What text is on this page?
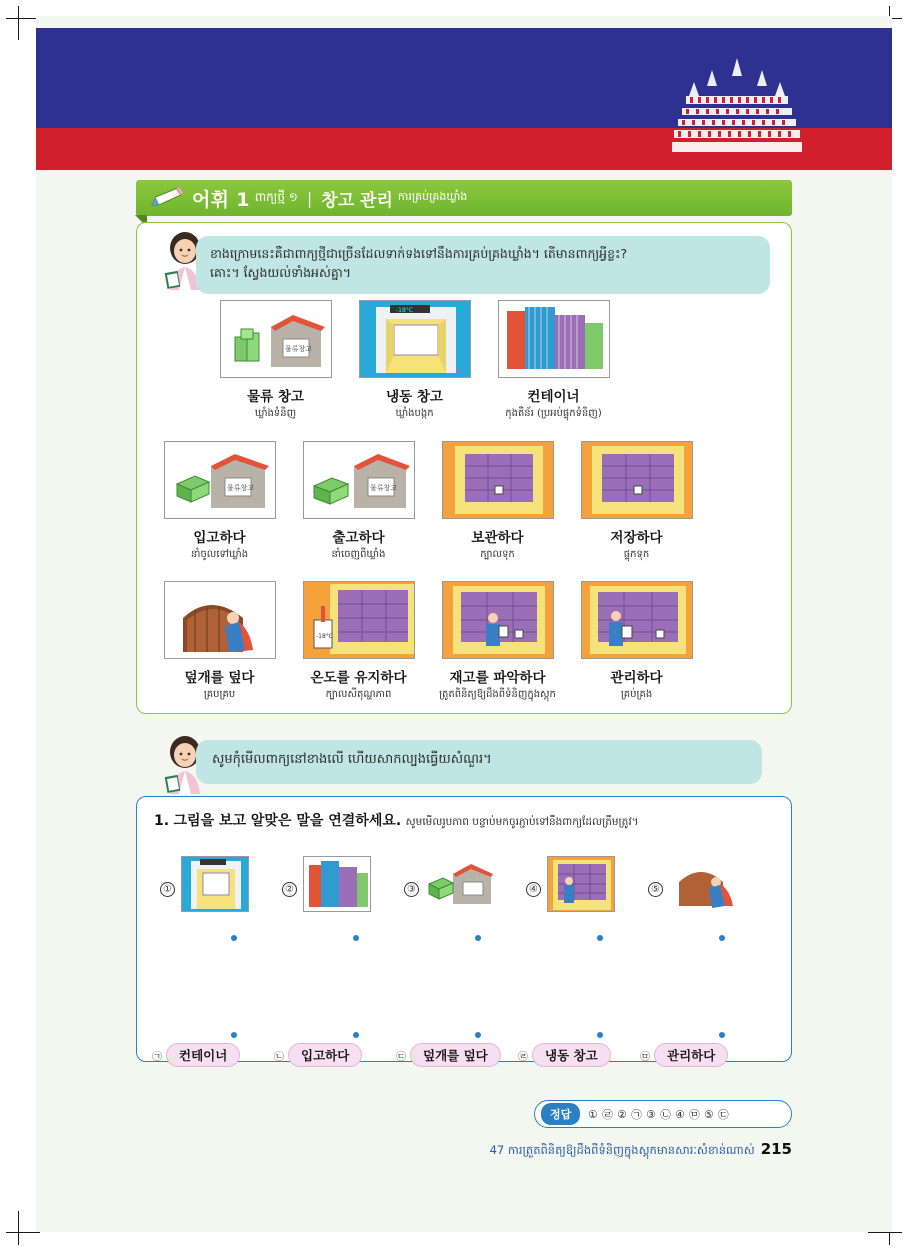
어휘 1 ពាក្យថ្មី ១ | 창고 관리 ការគ្រប់គ្រងឃ្លាំង
ខាងក្រោមនេះគឺជាពាក្យថ្មីជាច្រើនដែលទាក់ទងទៅនឹងការគ្រប់គ្រងឃ្លាំង។ តើមានពាក្យអ្វីខ្លះ?
គោះ។ ស្វែងយល់ទាំងអស់គ្នា។
물류창고
물류 창고
ឃ្លាំងទំនិញ
-18°C
냉동 창고
ឃ្លាំងបង្កក
컨테이너
កុងតឺន័រ (ប្រអប់ផ្ទុកទំនិញ)
물류창고
입고하다
នាំចូលទៅឃ្លាំង
물류창고
출고하다
នាំចេញពីឃ្លាំង
보관하다
ក្បាលទុក
저장하다
ផ្ទុកទុក
덮개를 덮다
គ្របគ្រប
-18°C
온도를 유지하다
ក្បាលសីតុណ្ហភាព
재고를 파악하다
ត្រូតពិនិត្យឱ្យដឹងពីទំនិញក្នុងស្តុក
관리하다
គ្រប់គ្រង
សូមកុំមើលពាក្យនៅខាងលើ ហើយសាកល្បងធ្វើយសំណួរ។
1. 그림을 보고 알맞은 말을 연결하세요. សូមមើលរូបភាព បន្ទាប់មកចូរភ្ជាប់ទៅនឹងពាក្យដែលត្រឹមត្រូវ។
①	②	③	④	⑤
㉠	컨테이너	㉡	입고하다	㉢	덮개를 덮다	㉣	냉동 창고	㉤	관리하다
정답	① ㉣ ② ㉠ ③ ㉡ ④ ㉤ ⑤ ㉢
47 ការត្រួតពិនិត្យឱ្យដឹងពីទំនិញក្នុងស្តុកមានសារៈសំខាន់ណាស់ 215
